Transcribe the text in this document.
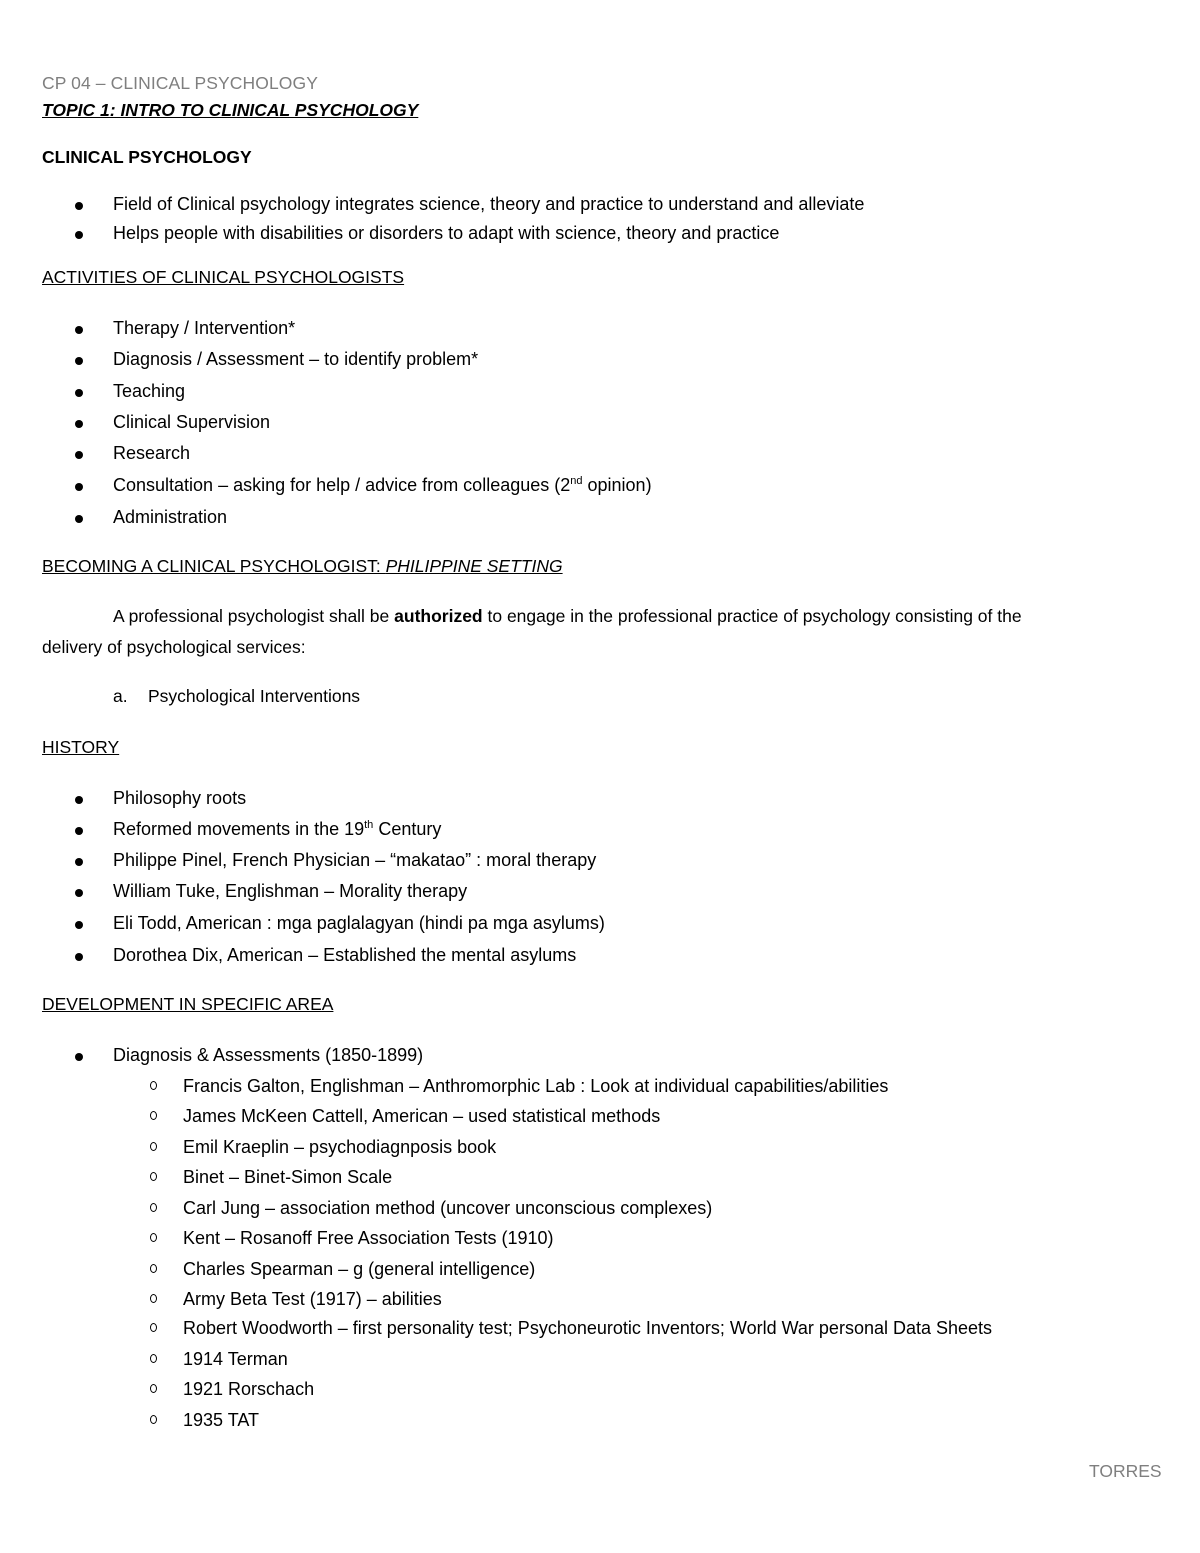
CP 04 – CLINICAL PSYCHOLOGY
TOPIC 1: INTRO TO CLINICAL PSYCHOLOGY
CLINICAL PSYCHOLOGY
Field of Clinical psychology integrates science, theory and practice to understand and alleviate
Helps people with disabilities or disorders to adapt with science, theory and practice
ACTIVITIES OF CLINICAL PSYCHOLOGISTS
Therapy / Intervention*
Diagnosis / Assessment – to identify problem*
Teaching
Clinical Supervision
Research
Consultation – asking for help / advice from colleagues (2nd opinion)
Administration
BECOMING A CLINICAL PSYCHOLOGIST: PHILIPPINE SETTING
A professional psychologist shall be authorized to engage in the professional practice of psychology consisting of the
delivery of psychological services:
a. Psychological Interventions
HISTORY
Philosophy roots
Reformed movements in the 19th Century
Philippe Pinel, French Physician – “makatao” : moral therapy
William Tuke, Englishman – Morality therapy
Eli Todd, American : mga paglalagyan (hindi pa mga asylums)
Dorothea Dix, American – Established the mental asylums
DEVELOPMENT IN SPECIFIC AREA
Diagnosis & Assessments (1850-1899)
Francis Galton, Englishman – Anthromorphic Lab : Look at individual capabilities/abilities
James McKeen Cattell, American – used statistical methods
Emil Kraeplin – psychodiagnposis book
Binet – Binet-Simon Scale
Carl Jung – association method (uncover unconscious complexes)
Kent – Rosanoff Free Association Tests (1910)
Charles Spearman – g (general intelligence)
Army Beta Test (1917) – abilities
Robert Woodworth – first personality test; Psychoneurotic Inventors; World War personal Data Sheets
1914 Terman
1921 Rorschach
1935 TAT
TORRES
